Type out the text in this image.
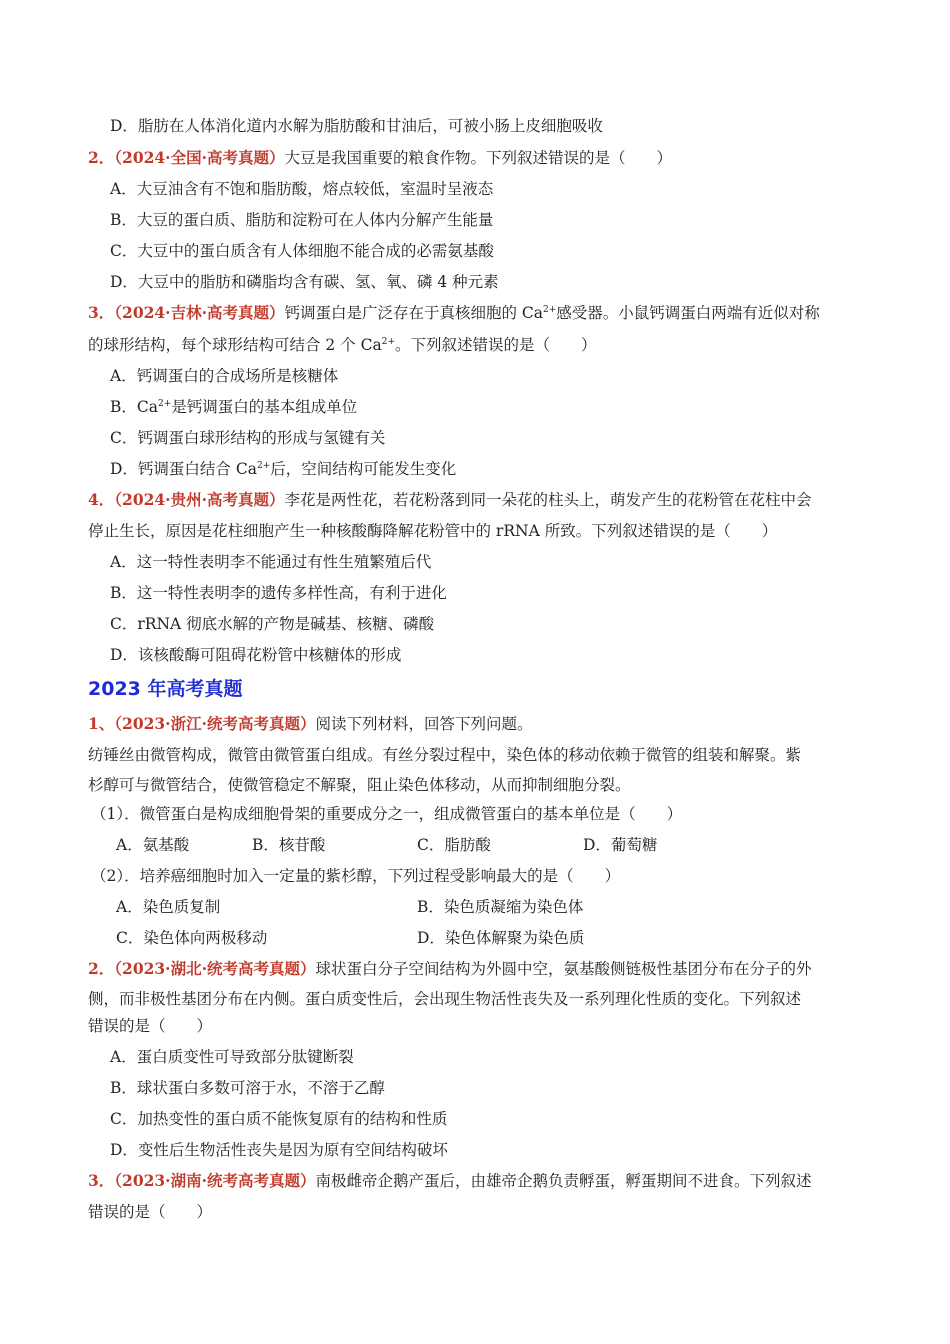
D．脂肪在人体消化道内水解为脂肪酸和甘油后，可被小肠上皮细胞吸收
2．（2024·全国·高考真题）大豆是我国重要的粮食作物。下列叙述错误的是（　　）
A．大豆油含有不饱和脂肪酸，熔点较低，室温时呈液态
B．大豆的蛋白质、脂肪和淀粉可在人体内分解产生能量
C．大豆中的蛋白质含有人体细胞不能合成的必需氨基酸
D．大豆中的脂肪和磷脂均含有碳、氢、氧、磷 4 种元素
3．（2024·吉林·高考真题）钙调蛋白是广泛存在于真核细胞的 $Ca^{2+}$感受器。小鼠钙调蛋白两端有近似对称
的球形结构，每个球形结构可结合 2 个 $Ca^{2+}$。下列叙述错误的是（　　）
A．钙调蛋白的合成场所是核糖体
B．$Ca^{2+}$是钙调蛋白的基本组成单位
C．钙调蛋白球形结构的形成与氢键有关
D．钙调蛋白结合 $Ca^{2+}$后，空间结构可能发生变化
4．（2024·贵州·高考真题）李花是两性花，若花粉落到同一朵花的柱头上，萌发产生的花粉管在花柱中会
停止生长，原因是花柱细胞产生一种核酸酶降解花粉管中的 rRNA 所致。下列叙述错误的是（　　）
A．这一特性表明李不能通过有性生殖繁殖后代
B．这一特性表明李的遗传多样性高，有利于进化
C．rRNA 彻底水解的产物是碱基、核糖、磷酸
D．该核酸酶可阻碍花粉管中核糖体的形成
2023 年高考真题
1、（2023·浙江·统考高考真题）阅读下列材料，回答下列问题。
纺锤丝由微管构成，微管由微管蛋白组成。有丝分裂过程中，染色体的移动依赖于微管的组装和解聚。紫
杉醇可与微管结合，使微管稳定不解聚，阻止染色体移动，从而抑制细胞分裂。
（1）．微管蛋白是构成细胞骨架的重要成分之一，组成微管蛋白的基本单位是（　　）
A．氨基酸	B．核苷酸	C．脂肪酸	D．葡萄糖
（2）．培养癌细胞时加入一定量的紫杉醇，下列过程受影响最大的是（　　）
A．染色质复制	B．染色质凝缩为染色体
C．染色体向两极移动	D．染色体解聚为染色质
2．（2023·湖北·统考高考真题）球状蛋白分子空间结构为外圆中空，氨基酸侧链极性基团分布在分子的外
侧，而非极性基团分布在内侧。蛋白质变性后，会出现生物活性丧失及一系列理化性质的变化。下列叙述
错误的是（　　）
A．蛋白质变性可导致部分肽键断裂
B．球状蛋白多数可溶于水，不溶于乙醇
C．加热变性的蛋白质不能恢复原有的结构和性质
D．变性后生物活性丧失是因为原有空间结构破坏
3．（2023·湖南·统考高考真题）南极雌帝企鹅产蛋后，由雄帝企鹅负责孵蛋，孵蛋期间不进食。下列叙述
错误的是（　　）
